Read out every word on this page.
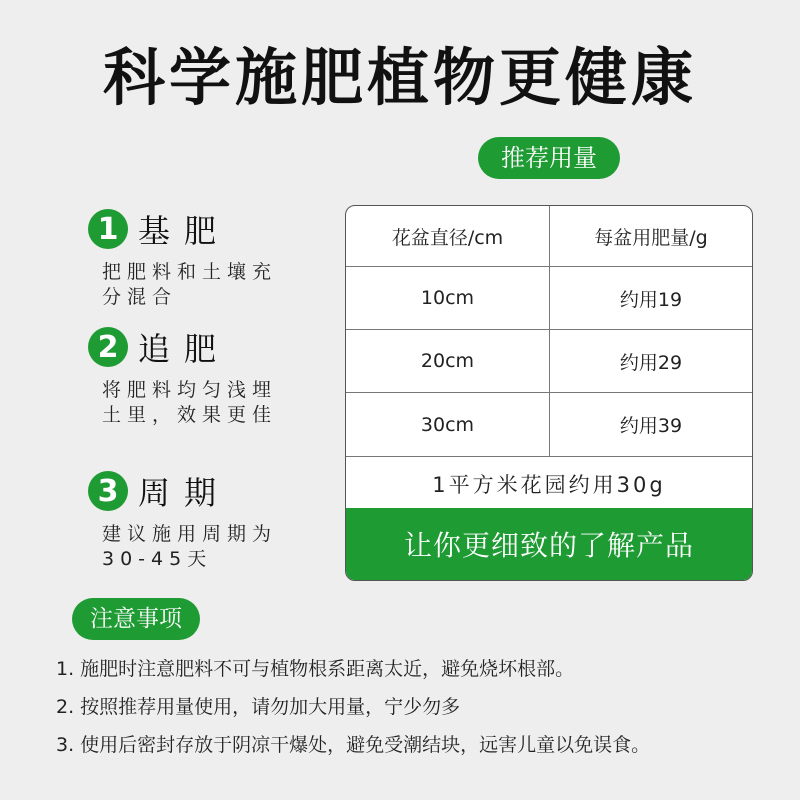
科学施肥植物更健康
推荐用量
1 基肥
把肥料和土壤充分混合
2 追肥
将肥料均匀浅埋土里，效果更佳
3 周期
建议施用周期为30-45天
花盆直径/cm	每盆用肥量/g
10cm	约用19
20cm	约用29
30cm	约用39
1平方米花园约用30g
让你更细致的了解产品
注意事项
1. 施肥时注意肥料不可与植物根系距离太近，避免烧坏根部。
2. 按照推荐用量使用，请勿加大用量，宁少勿多
3. 使用后密封存放于阴凉干爆处，避免受潮结块，远害儿童以免误食。
